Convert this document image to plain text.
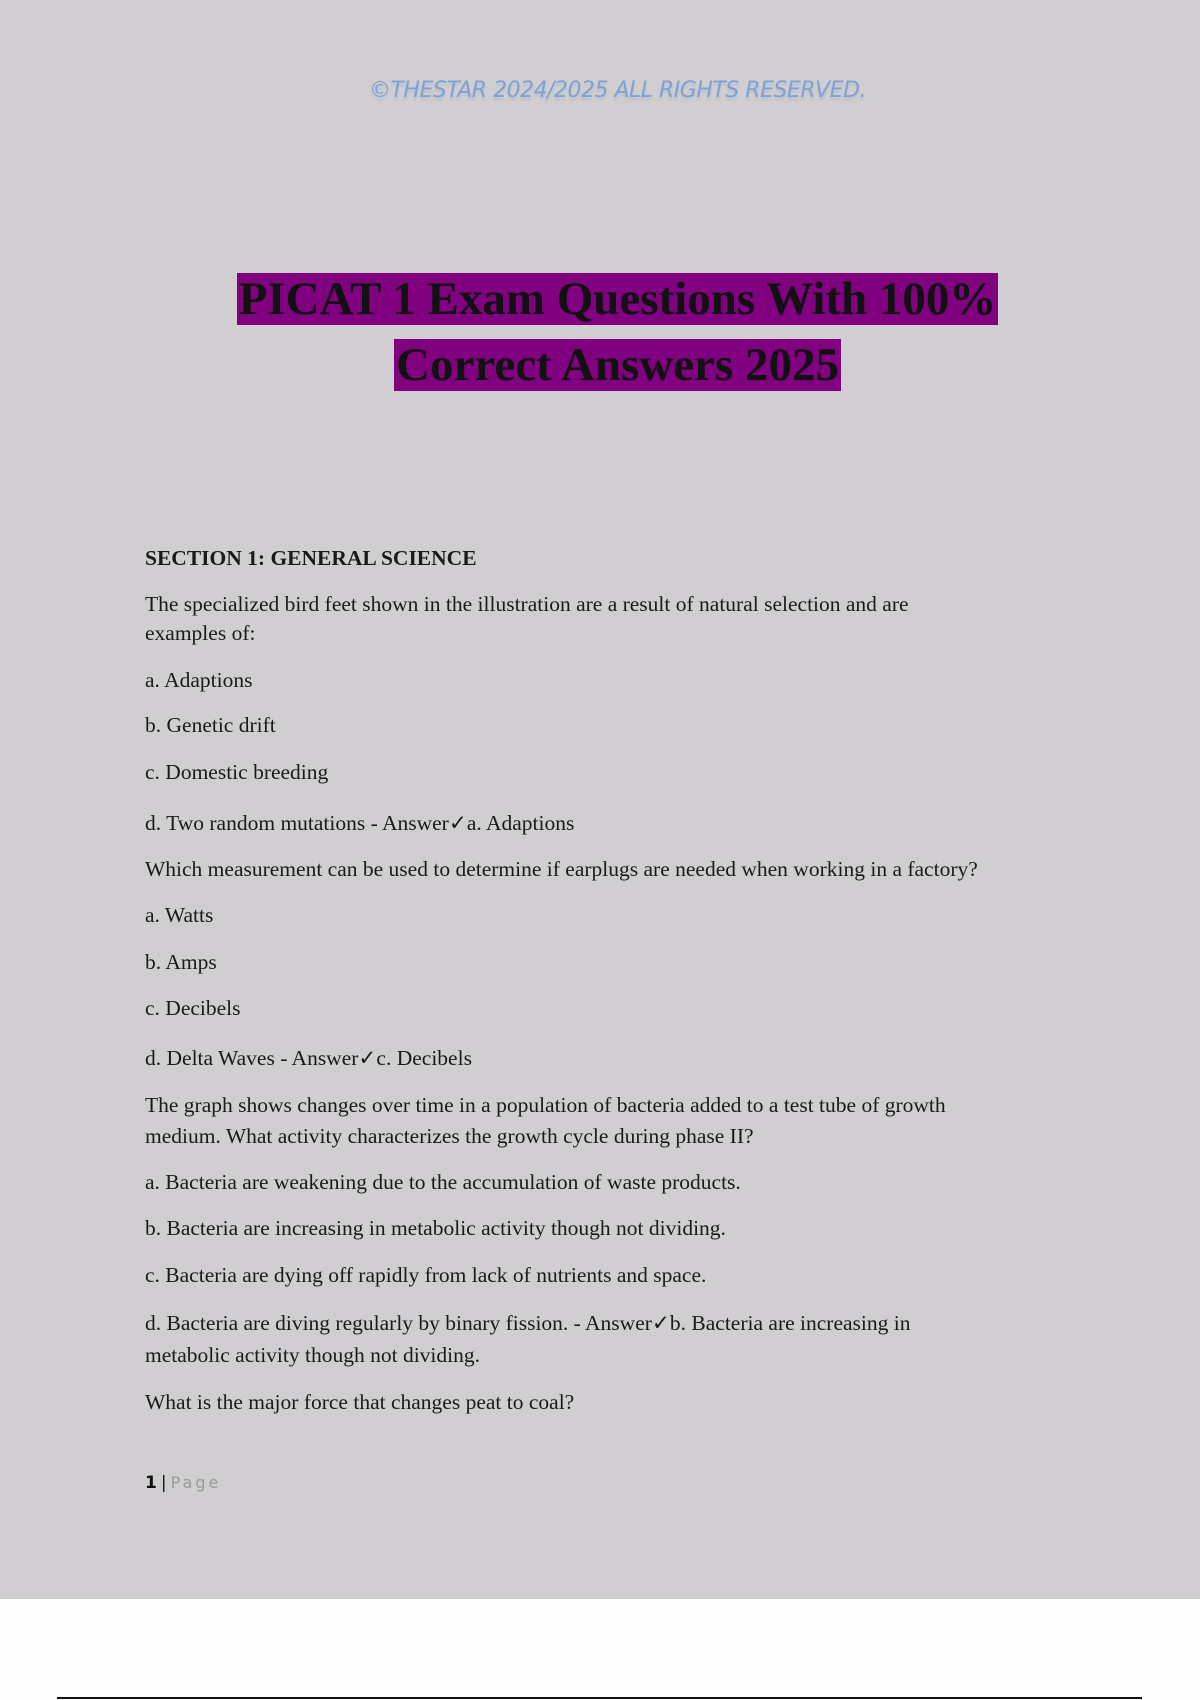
©THESTAR 2024/2025 ALL RIGHTS RESERVED.
PICAT 1 Exam Questions With 100%
Correct Answers 2025
SECTION 1: GENERAL SCIENCE
The specialized bird feet shown in the illustration are a result of natural selection and are
examples of:
a. Adaptions
b. Genetic drift
c. Domestic breeding
d. Two random mutations - Answer✓a. Adaptions
Which measurement can be used to determine if earplugs are needed when working in a factory?
a. Watts
b. Amps
c. Decibels
d. Delta Waves - Answer✓c. Decibels
The graph shows changes over time in a population of bacteria added to a test tube of growth
medium. What activity characterizes the growth cycle during phase II?
a. Bacteria are weakening due to the accumulation of waste products.
b. Bacteria are increasing in metabolic activity though not dividing.
c. Bacteria are dying off rapidly from lack of nutrients and space.
d. Bacteria are diving regularly by binary fission. - Answer✓b. Bacteria are increasing in
metabolic activity though not dividing.
What is the major force that changes peat to coal?
1 | Page
